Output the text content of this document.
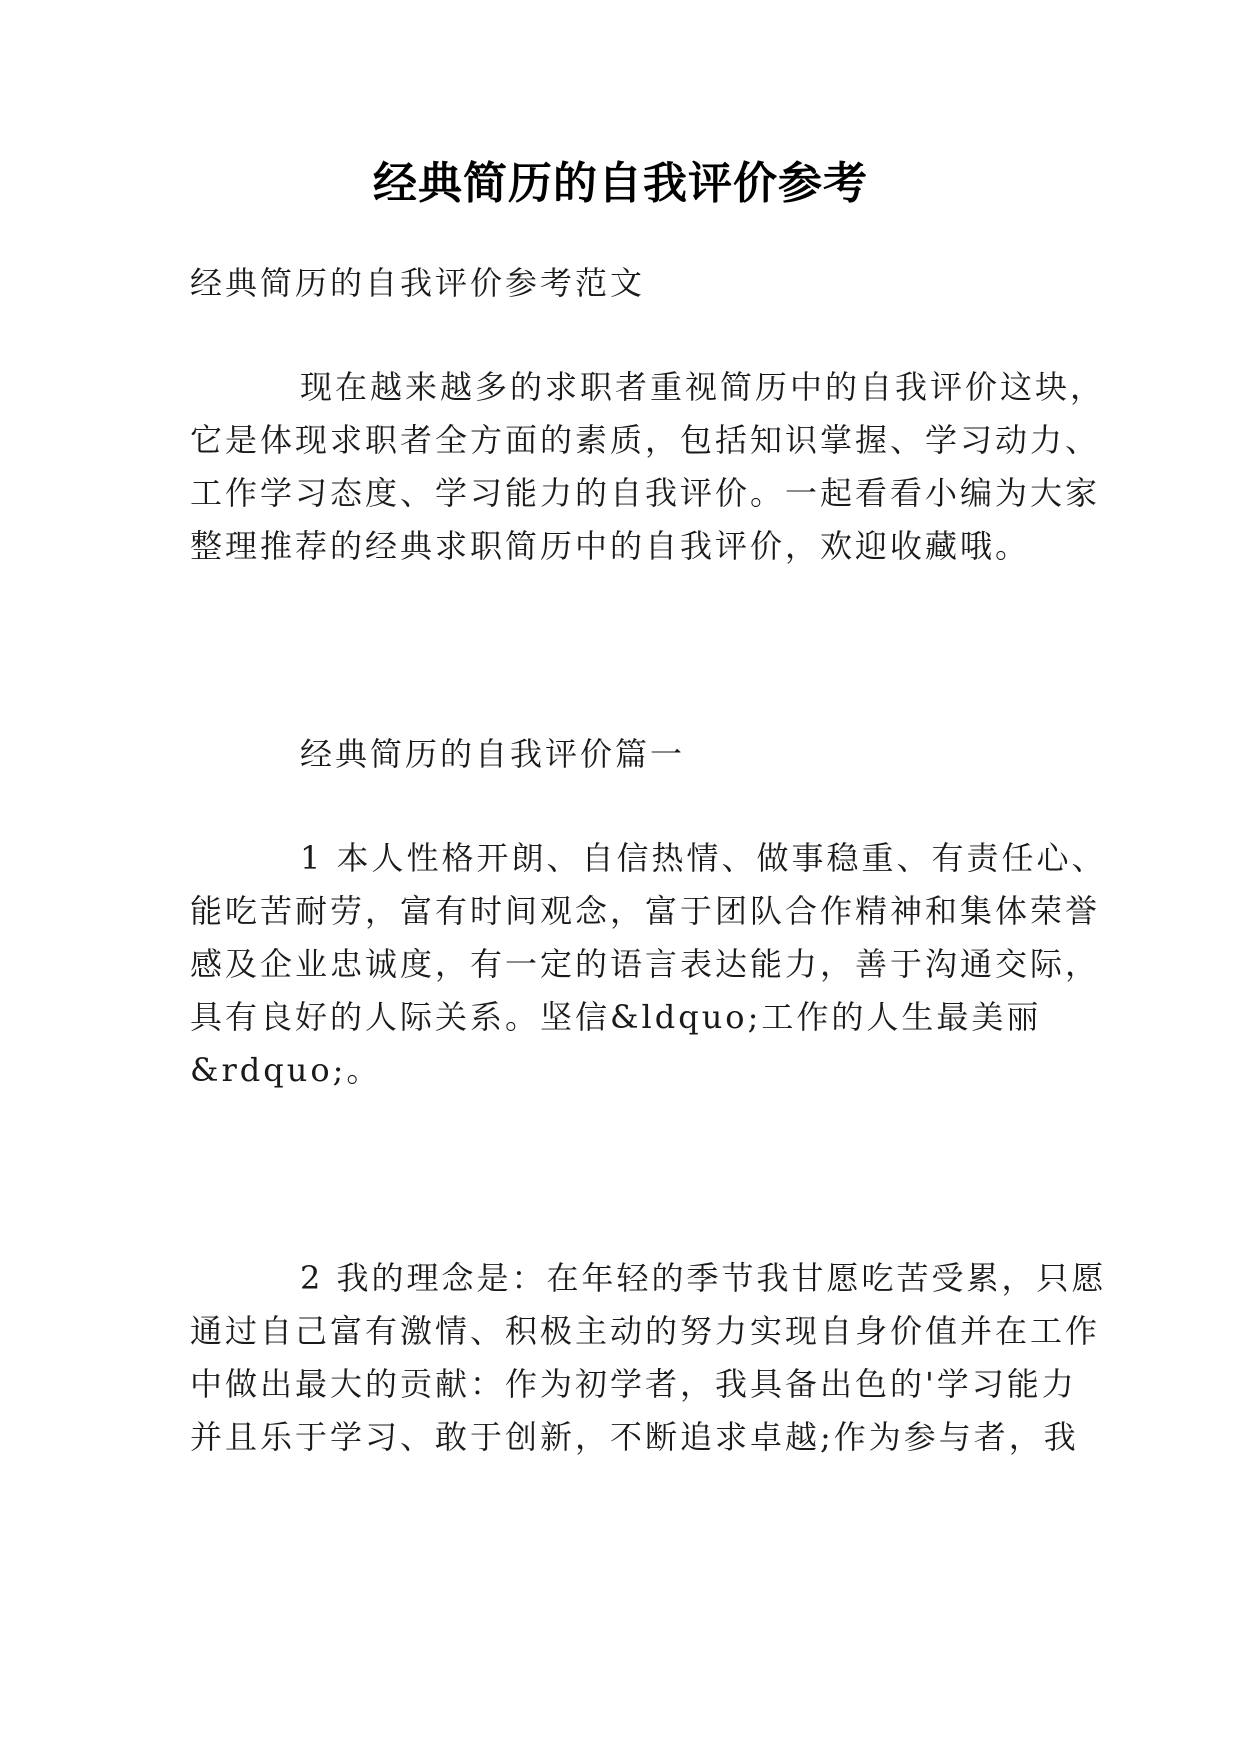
经典简历的自我评价参考
经典简历的自我评价参考范文
现在越来越多的求职者重视简历中的自我评价这块，
它是体现求职者全方面的素质，包括知识掌握、学习动力、
工作学习态度、学习能力的自我评价。一起看看小编为大家
整理推荐的经典求职简历中的自我评价，欢迎收藏哦。
经典简历的自我评价篇一
1 本人性格开朗、自信热情、做事稳重、有责任心、
能吃苦耐劳，富有时间观念，富于团队合作精神和集体荣誉
感及企业忠诚度，有一定的语言表达能力，善于沟通交际，
具有良好的人际关系。坚信&ldquo;工作的人生最美丽
&rdquo;。
2 我的理念是：在年轻的季节我甘愿吃苦受累，只愿
通过自己富有激情、积极主动的努力实现自身价值并在工作
中做出最大的贡献：作为初学者，我具备出色的'学习能力
并且乐于学习、敢于创新，不断追求卓越;作为参与者，我
